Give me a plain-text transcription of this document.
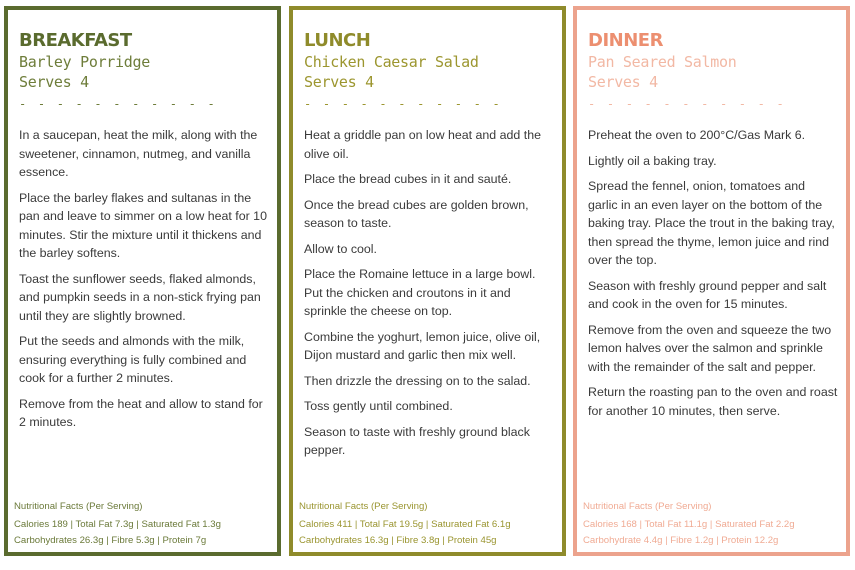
BREAKFAST
Barley Porridge
Serves 4
- - - - - - - - - - -

In a saucepan, heat the milk, along with the sweetener, cinnamon, nutmeg, and vanilla essence.

Place the barley flakes and sultanas in the pan and leave to simmer on a low heat for 10 minutes. Stir the mixture until it thickens and the barley softens.

Toast the sunflower seeds, flaked almonds, and pumpkin seeds in a non-stick frying pan until they are slightly browned.

Put the seeds and almonds with the milk, ensuring everything is fully combined and cook for a further 2 minutes.

Remove from the heat and allow to stand for 2 minutes.

Nutritional Facts (Per Serving)
Calories 189 | Total Fat 7.3g | Saturated Fat 1.3g
Carbohydrates 26.3g | Fibre 5.3g | Protein 7g
LUNCH
Chicken Caesar Salad
Serves 4
- - - - - - - - - - -

Heat a griddle pan on low heat and add the olive oil.

Place the bread cubes in it and sauté.

Once the bread cubes are golden brown, season to taste.

Allow to cool.

Place the Romaine lettuce in a large bowl. Put the chicken and croutons in it and sprinkle the cheese on top.

Combine the yoghurt, lemon juice, olive oil, Dijon mustard and garlic then mix well.

Then drizzle the dressing on to the salad.

Toss gently until combined.

Season to taste with freshly ground black pepper.

Nutritional Facts (Per Serving)
Calories 411 | Total Fat 19.5g | Saturated Fat 6.1g
Carbohydrates 16.3g | Fibre 3.8g | Protein 45g
DINNER
Pan Seared Salmon
Serves 4
- - - - - - - - - - -

Preheat the oven to 200°C/Gas Mark 6.

Lightly oil a baking tray.

Spread the fennel, onion, tomatoes and garlic in an even layer on the bottom of the baking tray. Place the trout in the baking tray, then spread the thyme, lemon juice and rind over the top.

Season with freshly ground pepper and salt and cook in the oven for 15 minutes.

Remove from the oven and squeeze the two lemon halves over the salmon and sprinkle with the remainder of the salt and pepper.

Return the roasting pan to the oven and roast for another 10 minutes, then serve.

Nutritional Facts (Per Serving)
Calories 168 | Total Fat 11.1g | Saturated Fat 2.2g
Carbohydrate 4.4g | Fibre 1.2g | Protein 12.2g
